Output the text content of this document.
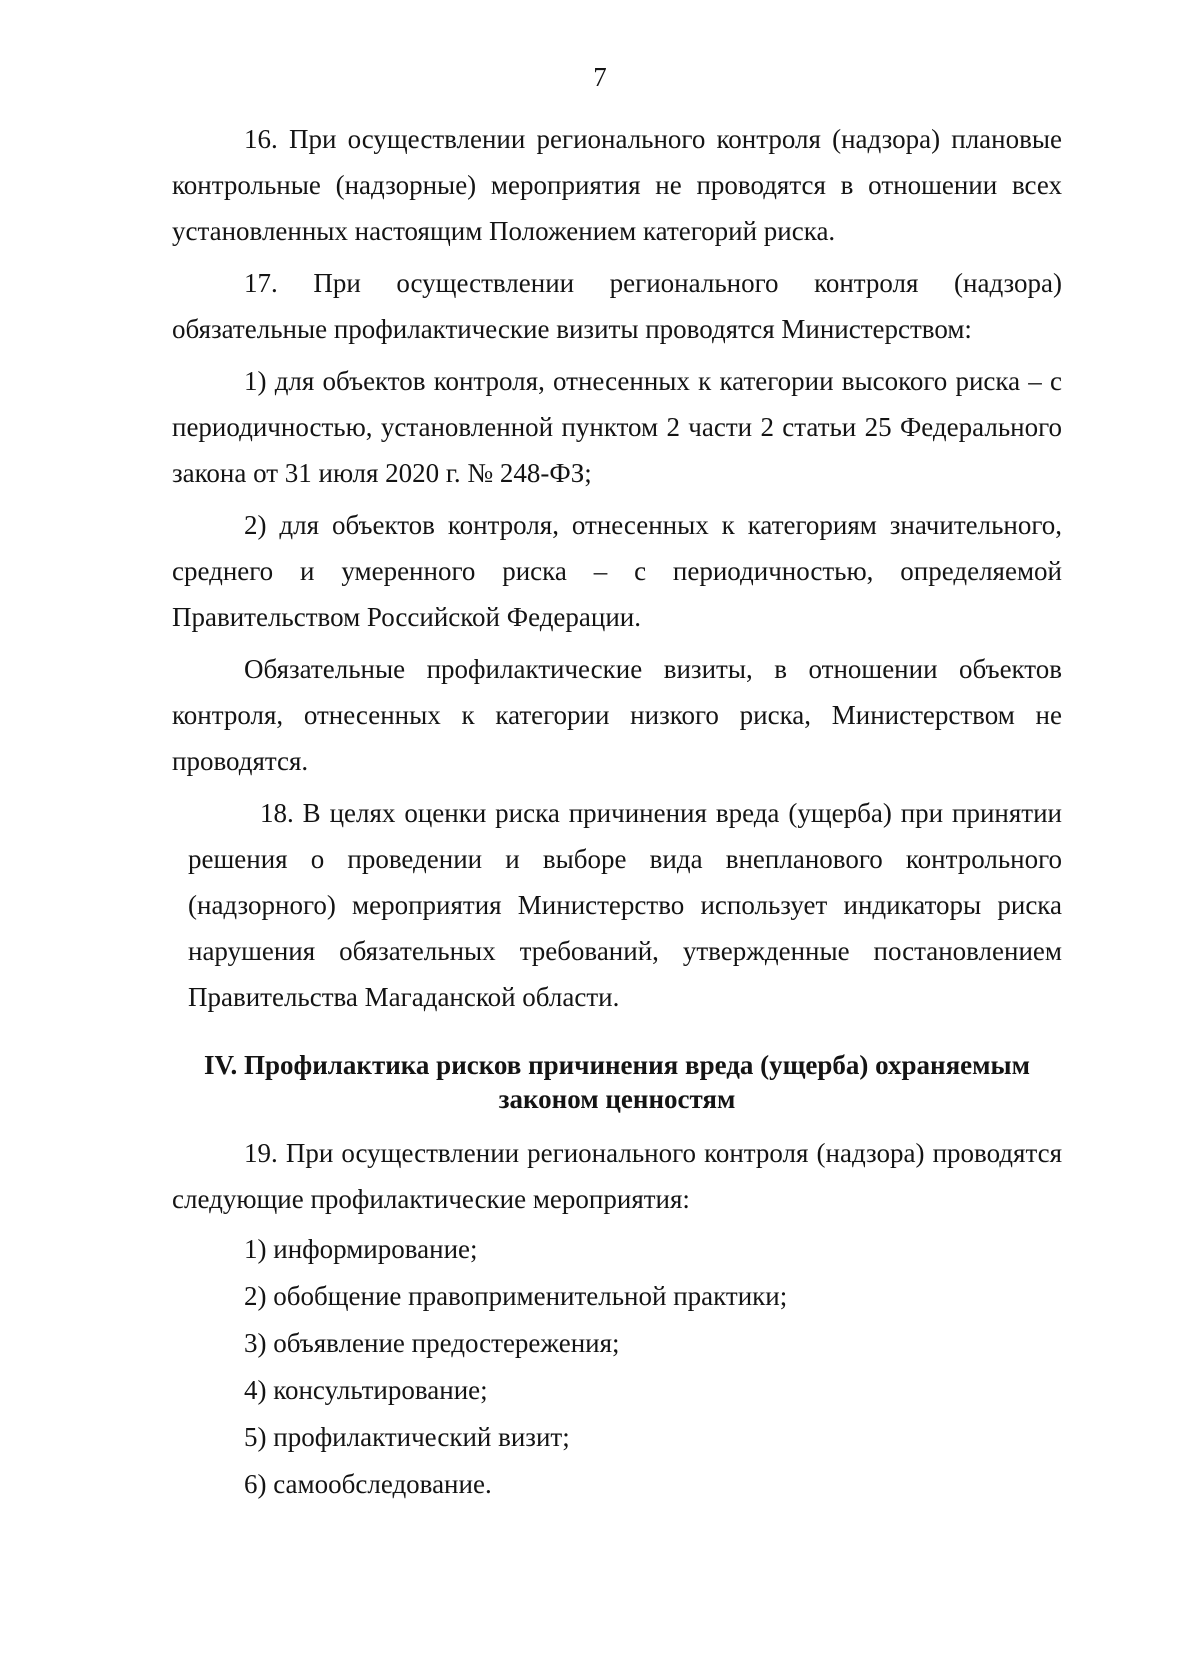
7

16. При осуществлении регионального контроля (надзора) плановые контрольные (надзорные) мероприятия не проводятся в отношении всех установленных настоящим Положением категорий риска.

17. При осуществлении регионального контроля (надзора) обязательные профилактические визиты проводятся Министерством:

1) для объектов контроля, отнесенных к категории высокого риска – с периодичностью, установленной пунктом 2 части 2 статьи 25 Федерального закона от 31 июля 2020 г. № 248-ФЗ;

2) для объектов контроля, отнесенных к категориям значительного, среднего и умеренного риска – с периодичностью, определяемой Правительством Российской Федерации.

Обязательные профилактические визиты, в отношении объектов контроля, отнесенных к категории низкого риска, Министерством не проводятся.

18. В целях оценки риска причинения вреда (ущерба) при принятии решения о проведении и выборе вида внепланового контрольного (надзорного) мероприятия Министерство использует индикаторы риска нарушения обязательных требований, утвержденные постановлением Правительства Магаданской области.

IV. Профилактика рисков причинения вреда (ущерба) охраняемым
законом ценностям

19. При осуществлении регионального контроля (надзора) проводятся следующие профилактические мероприятия:

1) информирование;
2) обобщение правоприменительной практики;
3) объявление предостережения;
4) консультирование;
5) профилактический визит;
6) самообследование.
